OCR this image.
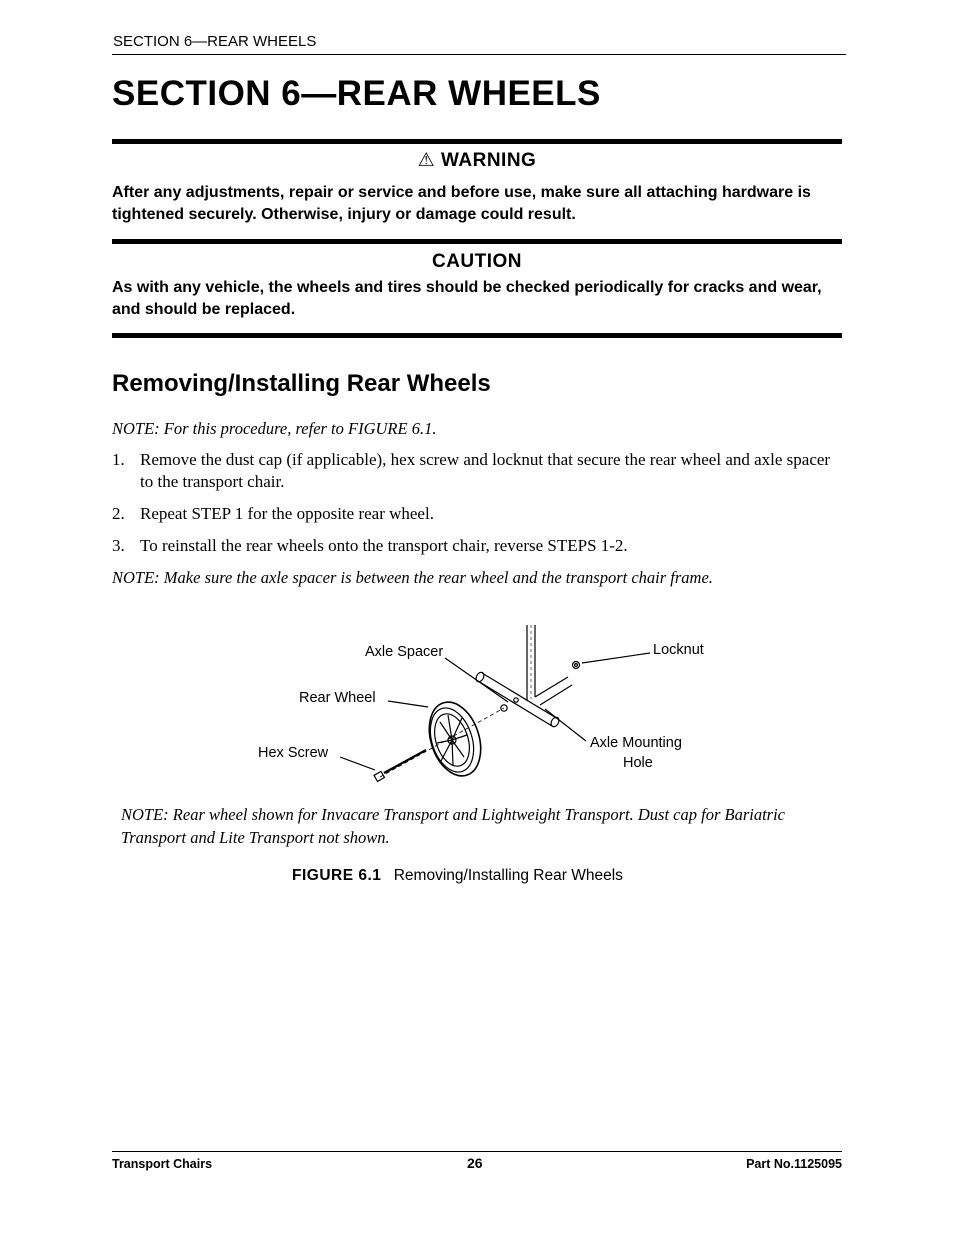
SECTION 6—REAR WHEELS
SECTION 6—REAR WHEELS
⚠ WARNING
After any adjustments, repair or service and before use, make sure all attaching hardware is tightened securely. Otherwise, injury or damage could result.
CAUTION
As with any vehicle, the wheels and tires should be checked periodically for cracks and wear, and should be replaced.
Removing/Installing Rear Wheels
NOTE: For this procedure, refer to FIGURE 6.1.
1. Remove the dust cap (if applicable), hex screw and locknut that secure the rear wheel and axle spacer to the transport chair.
2. Repeat STEP 1 for the opposite rear wheel.
3. To reinstall the rear wheels onto the transport chair, reverse STEPS 1-2.
NOTE: Make sure the axle spacer is between the rear wheel and the transport chair frame.
Axle Spacer	Locknut
Rear Wheel
Hex Screw
Axle Mounting
Hole
NOTE: Rear wheel shown for Invacare Transport and Lightweight Transport. Dust cap for Bariatric Transport and Lite Transport not shown.
FIGURE 6.1 Removing/Installing Rear Wheels
Transport Chairs	26	Part No.1125095
